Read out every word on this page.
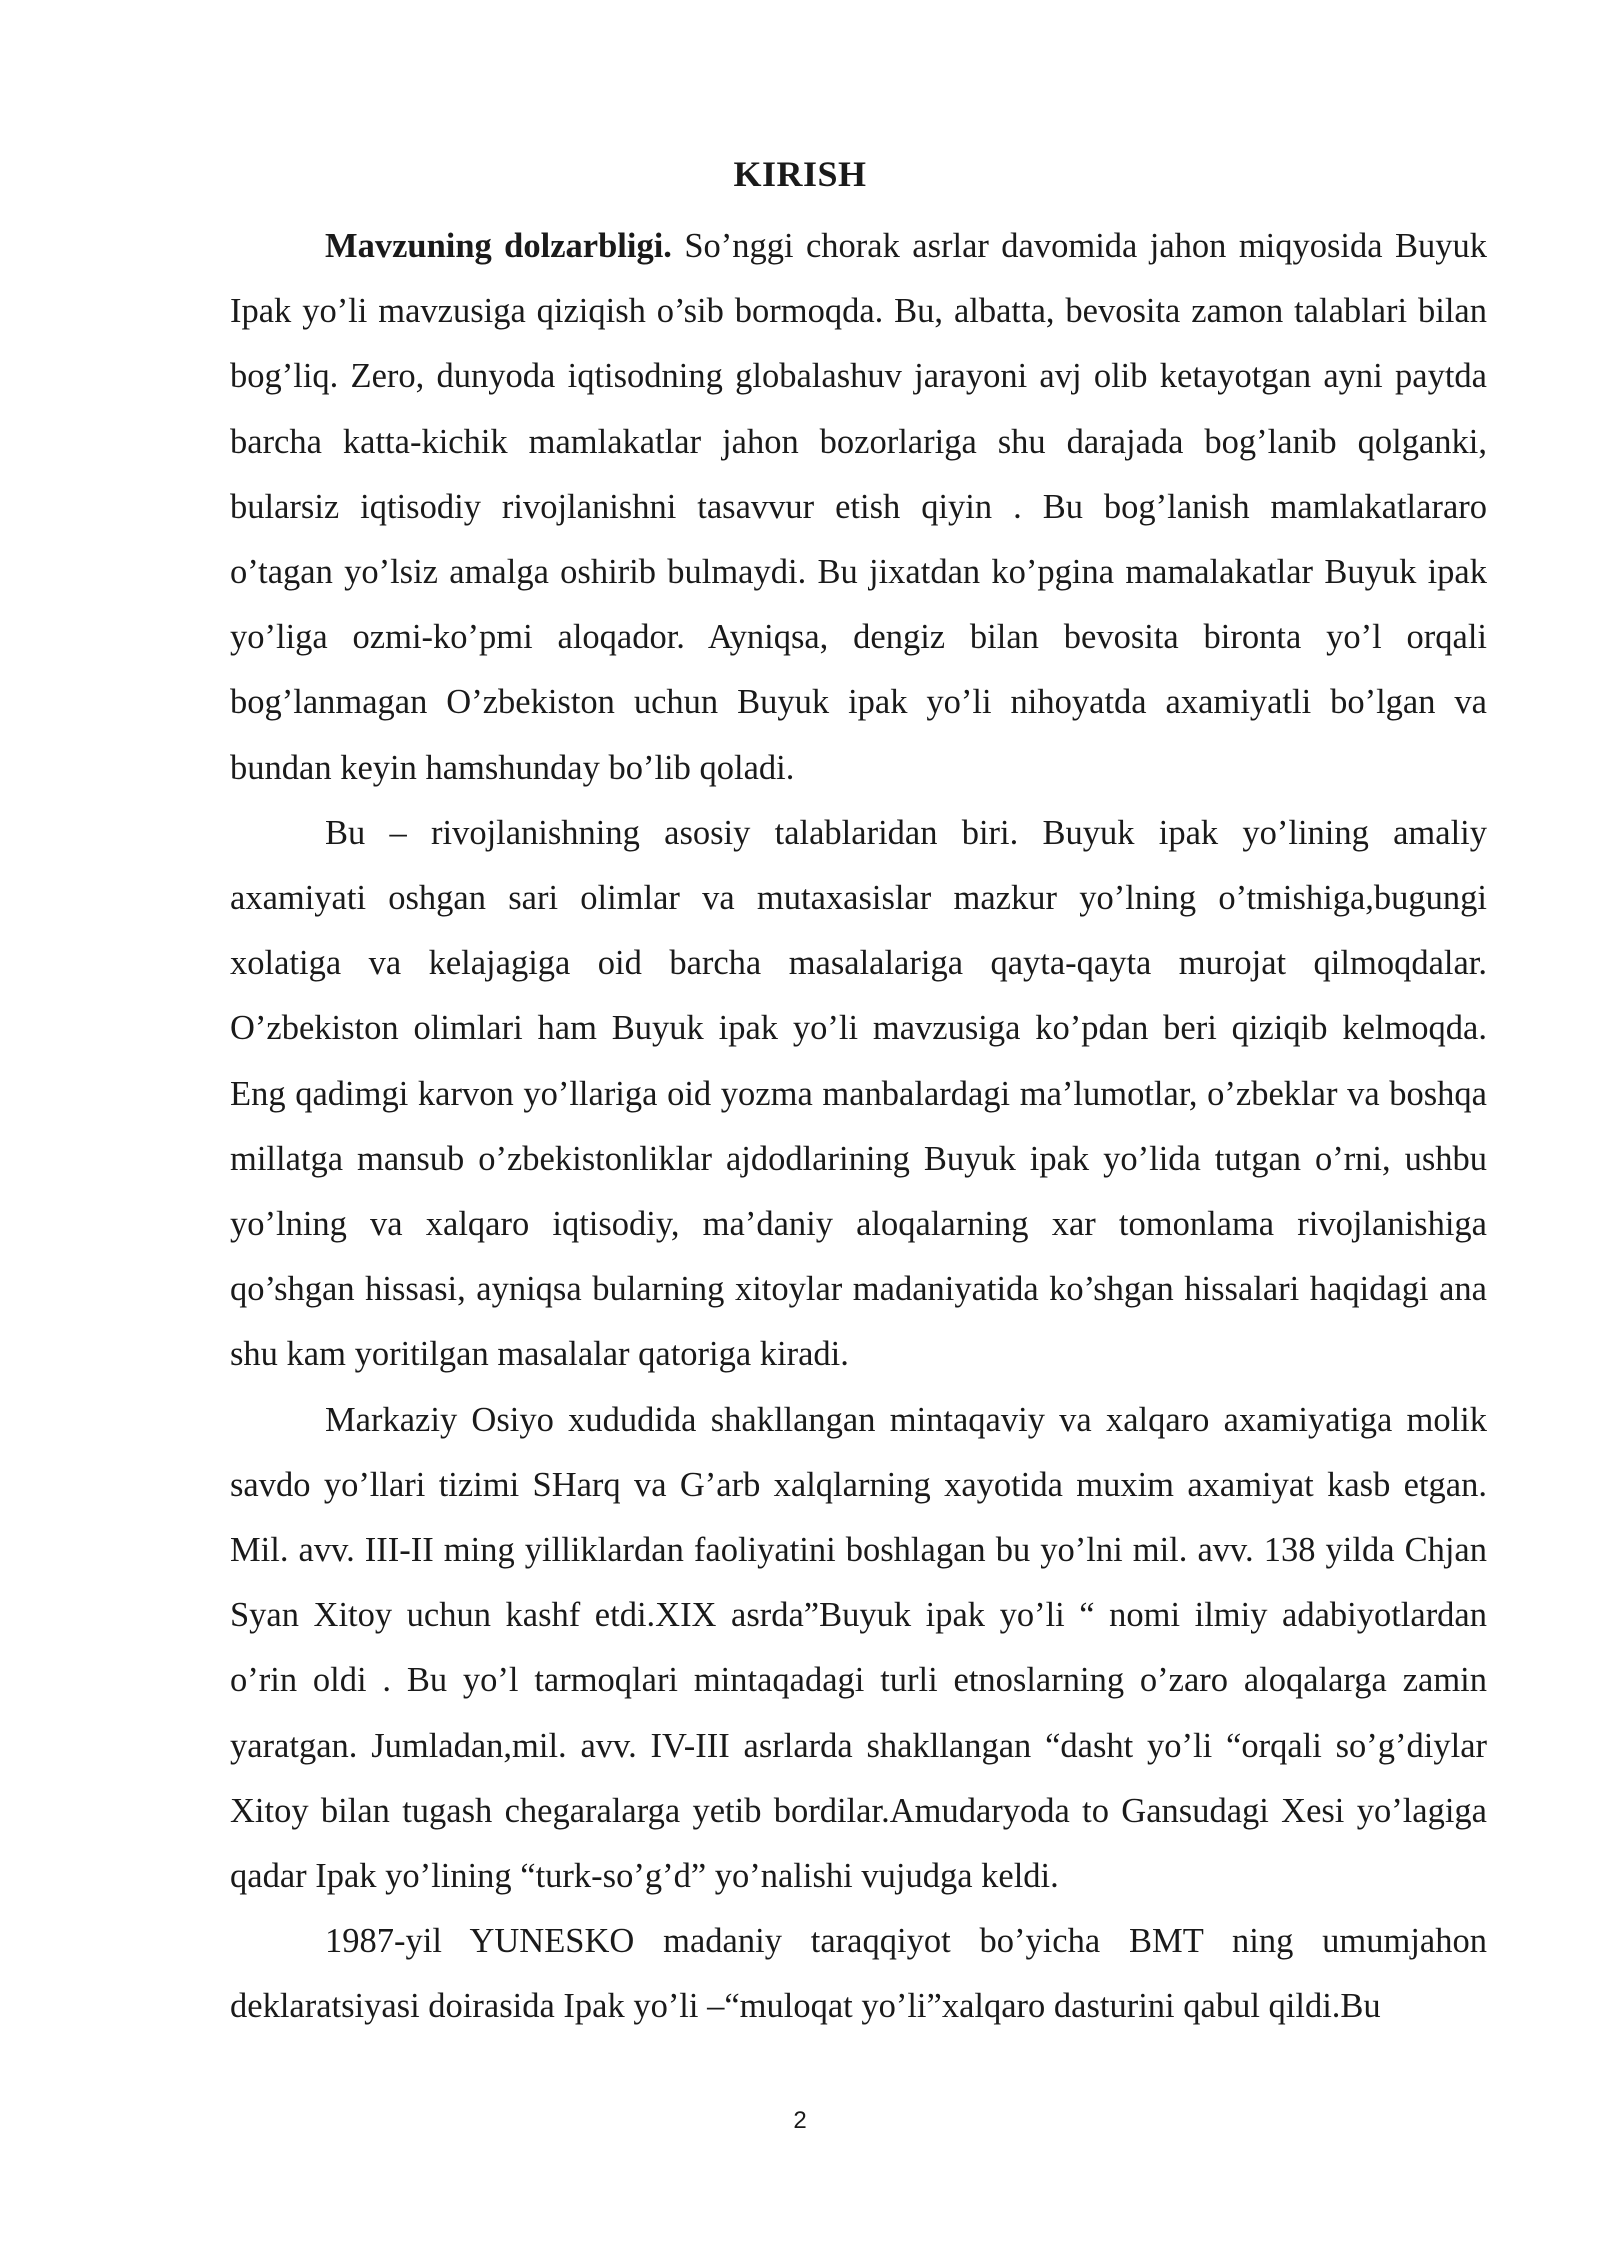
KIRISH

Mavzuning dolzarbligi. So’nggi chorak asrlar davomida jahon miqyosida Buyuk Ipak yo’li mavzusiga qiziqish o’sib bormoqda. Bu, albatta, bevosita zamon talablari bilan bog’liq. Zero, dunyoda iqtisodning globalashuv jarayoni avj olib ketayotgan ayni paytda barcha katta-kichik mamlakatlar jahon bozorlariga shu darajada bog’lanib qolganki, bularsiz iqtisodiy rivojlanishni tasavvur etish qiyin . Bu bog’lanish mamlakatlararo o’tagan yo’lsiz amalga oshirib bulmaydi. Bu jixatdan ko’pgina mamalakatlar Buyuk ipak yo’liga ozmi-ko’pmi aloqador. Ayniqsa, dengiz bilan bevosita bironta yo’l orqali bog’lanmagan O’zbekiston uchun Buyuk ipak yo’li nihoyatda axamiyatli bo’lgan va bundan keyin hamshunday bo’lib qoladi.

Bu – rivojlanishning asosiy talablaridan biri. Buyuk ipak yo’lining amaliy axamiyati oshgan sari olimlar va mutaxasislar mazkur yo’lning o’tmishiga,bugungi xolatiga va kelajagiga oid barcha masalalariga qayta-qayta murojat qilmoqdalar. O’zbekiston olimlari ham Buyuk ipak yo’li mavzusiga ko’pdan beri qiziqib kelmoqda. Eng qadimgi karvon yo’llariga oid yozma manbalardagi ma’lumotlar, o’zbeklar va boshqa millatga mansub o’zbekistonliklar ajdodlarining Buyuk ipak yo’lida tutgan o’rni, ushbu yo’lning va xalqaro iqtisodiy, ma’daniy aloqalarning xar tomonlama rivojlanishiga qo’shgan hissasi, ayniqsa bularning xitoylar madaniyatida ko’shgan hissalari haqidagi ana shu kam yoritilgan masalalar qatoriga kiradi.

Markaziy Osiyo xududida shakllangan mintaqaviy va xalqaro axamiyatiga molik savdo yo’llari tizimi SHarq va G’arb xalqlarning xayotida muxim axamiyat kasb etgan. Mil. avv. III-II ming yilliklardan faoliyatini boshlagan bu yo’lni mil. avv. 138 yilda Chjan Syan Xitoy uchun kashf etdi.XIX asrda”Buyuk ipak yo’li “ nomi ilmiy adabiyotlardan o’rin oldi . Bu yo’l tarmoqlari mintaqadagi turli etnoslarning o’zaro aloqalarga zamin yaratgan. Jumladan,mil. avv. IV-III asrlarda shakllangan “dasht yo’li “orqali so’g’diylar Xitoy bilan tugash chegaralarga yetib bordilar.Amudaryoda to Gansudagi Xesi yo’lagiga qadar Ipak yo’lining “turk-so’g’d” yo’nalishi vujudga keldi.

1987-yil YUNESKO madaniy taraqqiyot bo’yicha BMT ning umumjahon deklaratsiyasi doirasida Ipak yo’li –“muloqat yo’li”xalqaro dasturini qabul qildi.Bu

2
